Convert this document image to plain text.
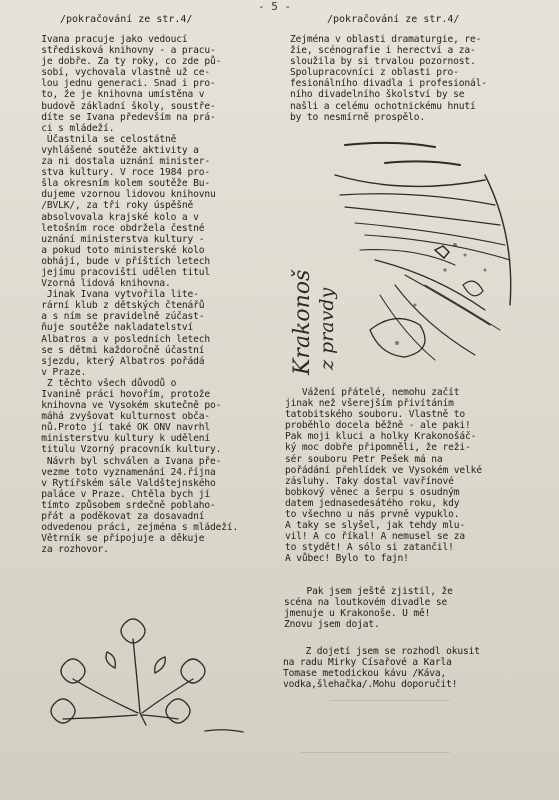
- 5 -
/pokračování ze str.4/	/pokračování ze str.4/
Ivana pracuje jako vedoucí
středisková knihovny - a pracu-
je dobře. Za ty roky, co zde pů-
sobí, vychovala vlastně už ce-
lou jednu generaci. Snad i pro-
to, že je knihovna umístěna v
budově základní školy, soustře-
díte se Ivana především na prá-
ci s mládeží.
Účastnila se celostátně
vyhlášené soutěže aktivity a
za ni dostala uznání minister-
stva kultury. V roce 1984 pro-
šla okresním kolem soutěže Bu-
dujeme vzornou lidovou knihovnu
/BVLK/, za tři roky úspěšně
absolvovala krajské kolo a v
letošním roce obdržela čestné
uznání ministerstva kultury -
a pokud toto ministerské kolo
obhájí, bude v příštích letech
jejímu pracovišti udělen titul
Vzorná lidová knihovna.
Jinak Ivana vytvořila lite-
rární klub z dětských čtenářů
a s ním se pravidelně zúčast-
ňuje soutěže nakladatelství
Albatros a v posledních letech
se s dětmi každoročně účastní
sjezdu, který Albatros pořádá
v Praze.
Z těchto všech důvodů o
Ivanině práci hovořím, protože
knihovna ve Vysokém skutečně po-
máhá zvyšovat kulturnost obča-
nů.Proto jí také OK ONV navrhl
ministerstvu kultury k udělení
titulu Vzorný pracovník kultury.
Návrh byl schválen a Ivana pře-
vezme toto vyznamenání 24.října
v Rytířském sále Valdštejnského
paláce v Praze. Chtěla bych jí
tímto způsobem srdečně poblaho-
přát a poděkovat za dosavadní
odvedenou práci, zejména s mládeží.
Větrník se připojuje a děkuje
za rozhovor.
Zejména v oblasti dramaturgie, re-
žie, scénografie i herectví a za-
sloužila by si trvalou pozornost.
Spolupracovníci z oblasti pro-
fesionálního divadla i profesionál-
ního divadelního školství by se
našli a celému ochotnickému hnutí
by to nesmírně prospělo.
Krakonoš z pravdy
Vážení přátelé, nemohu začít
jinak než všerejším přivítáním
tatobitského souboru. Vlastně to
proběhlo docela běžně - ale paki!
Pak moji kluci a holky Krakonošáč-
ký moc dobře připomněli, že reži-
sér souboru Petr Pešek má na
pořádání přehlídek ve Vysokém velké
zásluhy. Taky dostal vavřínové
bobkový věnec a šerpu s osudným
datem jednasedesátého roku, kdy
to všechno u nás prvně vypuklo.
A taky se slyšel, jak tehdy mlu-
vil! A co říkal! A nemusel se za
to stydět! A sólo si zatančil!
A vůbec! Bylo to fajn!
Pak jsem ještě zjistil, že
scéna na loutkovém divadle se
jmenuje u Krakonoše. U mě!
Znovu jsem dojat.
Z dojetí jsem se rozhodl okusit
na radu Mirky Císařové a Karla
Tomase metodickou kávu /Káva,
vodka,šlehačka/.Mohu doporučit!
